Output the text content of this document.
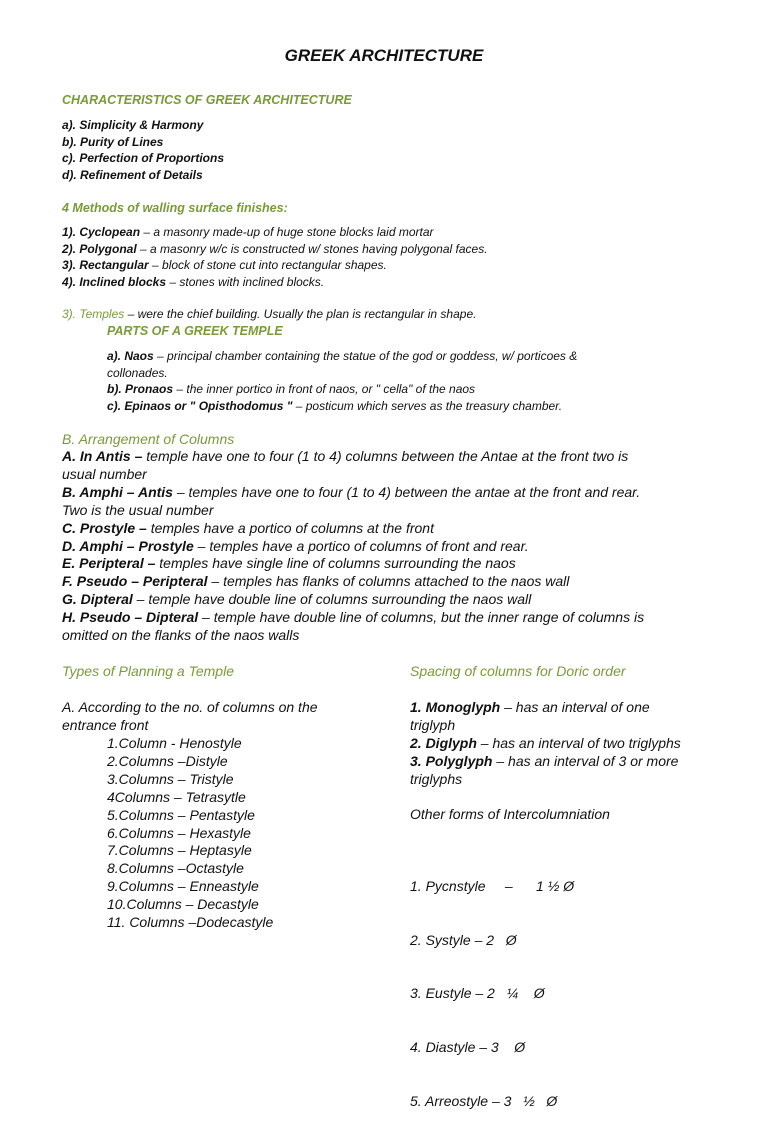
GREEK ARCHITECTURE
CHARACTERISTICS OF GREEK ARCHITECTURE
a). Simplicity & Harmony
b). Purity of Lines
c). Perfection of Proportions
d). Refinement of Details
4 Methods of walling surface finishes:
1). Cyclopean – a masonry made-up of huge stone blocks laid mortar
2). Polygonal – a masonry w/c is constructed w/ stones having polygonal faces.
3). Rectangular – block of stone cut into rectangular shapes.
4). Inclined blocks – stones with inclined blocks.
3). Temples – were the chief building. Usually the plan is rectangular in shape.
PARTS OF A GREEK TEMPLE
a). Naos – principal chamber containing the statue of the god or goddess, w/ porticoes &
collonades.
b). Pronaos – the inner portico in front of naos, or " cella" of the naos
c). Epinaos or " Opisthodomus " – posticum which serves as the treasury chamber.
B. Arrangement of Columns
A. In Antis – temple have one to four (1 to 4) columns between the Antae at the front two is
usual number
B. Amphi – Antis – temples have one to four (1 to 4) between the antae at the front and rear.
Two is the usual number
C. Prostyle – temples have a portico of columns at the front
D. Amphi – Prostyle – temples have a portico of columns of front and rear.
E. Peripteral – temples have single line of columns surrounding the naos
F. Pseudo – Peripteral – temples has flanks of columns attached to the naos wall
G. Dipteral – temple have double line of columns surrounding the naos wall
H. Pseudo – Dipteral – temple have double line of columns, but the inner range of columns is
omitted on the flanks of the naos walls
Types of Planning a Temple
A. According to the no. of columns on the
entrance front
1.Column - Henostyle
2.Columns –Distyle
3.Columns – Tristyle
4Columns – Tetrasytle
5.Columns – Pentastyle
6.Columns – Hexastyle
7.Columns – Heptasyle
8.Columns –Octastyle
9.Columns – Enneastyle
10.Columns – Decastyle
11. Columns –Dodecastyle
Spacing of columns for Doric order
1. Monoglyph – has an interval of one
triglyph
2. Diglyph – has an interval of two triglyphs
3. Polyglyph – has an interval of 3 or more
triglyphs
Other forms of Intercolumniation

1. Pycnstyle     –      1 ½ Ø

2. Systyle – 2   Ø

3. Eustyle – 2   ¼    Ø

4. Diastyle – 3    Ø

5. Arreostyle – 3   ½   Ø
